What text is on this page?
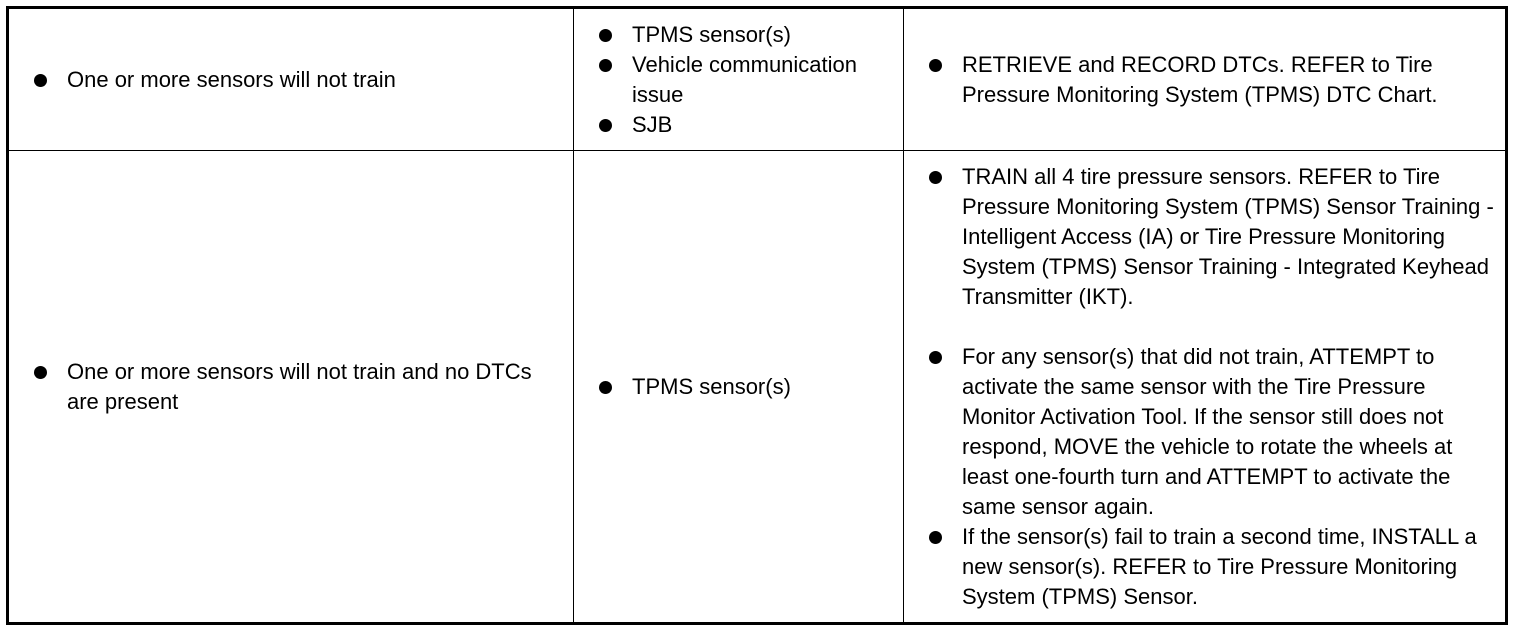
One or more sensors will not train
TPMS sensor(s)
Vehicle communication issue
SJB
RETRIEVE and RECORD DTCs. REFER to Tire Pressure Monitoring System (TPMS) DTC Chart.
One or more sensors will not train and no DTCs are present
TPMS sensor(s)
TRAIN all 4 tire pressure sensors. REFER to Tire Pressure Monitoring System (TPMS) Sensor Training - Intelligent Access (IA) or Tire Pressure Monitoring System (TPMS) Sensor Training - Integrated Keyhead Transmitter (IKT).
For any sensor(s) that did not train, ATTEMPT to activate the same sensor with the Tire Pressure Monitor Activation Tool. If the sensor still does not respond, MOVE the vehicle to rotate the wheels at least one-fourth turn and ATTEMPT to activate the same sensor again.
If the sensor(s) fail to train a second time, INSTALL a new sensor(s). REFER to Tire Pressure Monitoring System (TPMS) Sensor.
